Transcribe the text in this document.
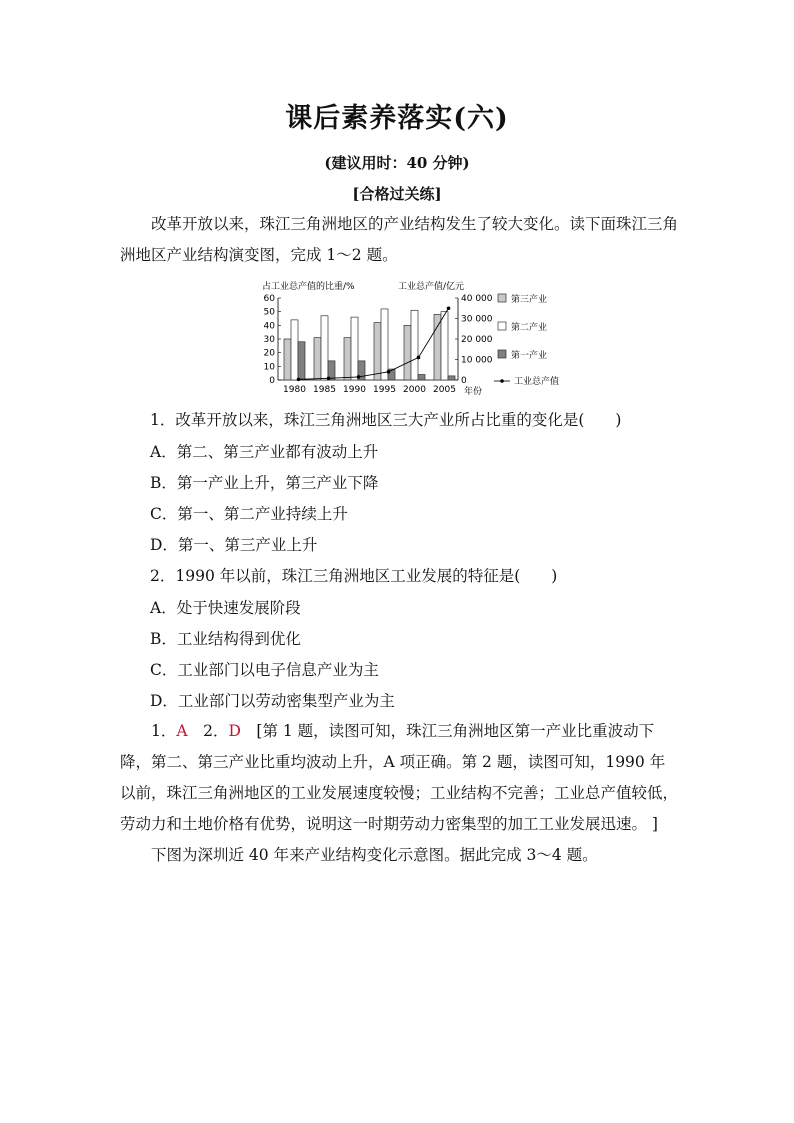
课后素养落实(六)
(建议用时：40 分钟)
[合格过关练]
改革开放以来，珠江三角洲地区的产业结构发生了较大变化。读下面珠江三角洲地区产业结构演变图，完成 1～2 题。
占工业总产值的比重/%	工业总产值/亿元
60
50
40
30
20
10
0
40 000
30 000
20 000
10 000
0
1980 1985 1990 1995 2000 2005 年份
第三产业
第二产业
第一产业
工业总产值
1．改革开放以来，珠江三角洲地区三大产业所占比重的变化是(　　)
A．第二、第三产业都有波动上升
B．第一产业上升，第三产业下降
C．第一、第二产业持续上升
D．第一、第三产业上升
2．1990 年以前，珠江三角洲地区工业发展的特征是(　　)
A．处于快速发展阶段
B．工业结构得到优化
C．工业部门以电子信息产业为主
D．工业部门以劳动密集型产业为主
1．A　 2．D　 [第 1 题，读图可知，珠江三角洲地区第一产业比重波动下降，第二、第三产业比重均波动上升，A 项正确。第 2 题，读图可知，1990 年以前，珠江三角洲地区的工业发展速度较慢；工业结构不完善；工业总产值较低，劳动力和土地价格有优势，说明这一时期劳动力密集型的加工工业发展迅速。 ]
下图为深圳近 40 年来产业结构变化示意图。据此完成 3～4 题。
